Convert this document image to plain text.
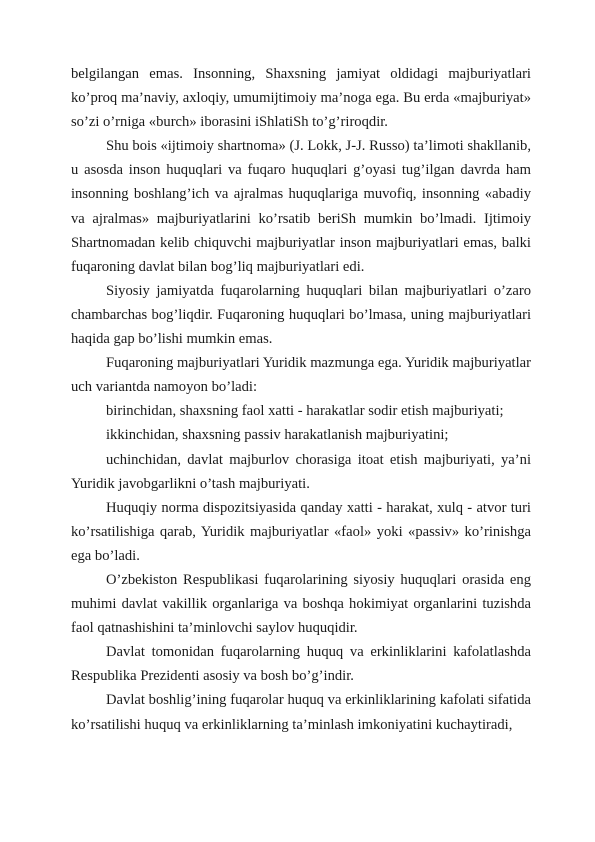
belgilangan emas. Insonning, Shaxsning jamiyat oldidagi majburiyatlari ko’proq ma’naviy, axloqiy, umumijtimoiy ma’noga ega. Bu erda «majburiyat» so’zi o’rniga «burch» iborasini iShlatiSh to’g’riroqdir.

Shu bois «ijtimoiy shartnoma» (J. Lokk, J-J. Russo) ta’limoti shakllanib, u asosda inson huquqlari va fuqaro huquqlari g’oyasi tug’ilgan davrda ham insonning boshlang’ich va ajralmas huquqlariga muvofiq, insonning «abadiy va ajralmas» majburiyatlarini ko’rsatib beriSh mumkin bo’lmadi. Ijtimoiy Shartnomadan kelib chiquvchi majburiyatlar inson majburiyatlari emas, balki fuqaroning davlat bilan bog’liq majburiyatlari edi.

Siyosiy jamiyatda fuqarolarning huquqlari bilan majburiyatlari o’zaro chambarchas bog’liqdir. Fuqaroning huquqlari bo’lmasa, uning majburiyatlari haqida gap bo’lishi mumkin emas.

Fuqaroning majburiyatlari Yuridik mazmunga ega. Yuridik majburiyatlar uch variantda namoyon bo’ladi:

birinchidan, shaxsning faol xatti - harakatlar sodir etish majburiyati;

ikkinchidan, shaxsning passiv harakatlanish majburiyatini;

uchinchidan, davlat majburlov chorasiga itoat etish majburiyati, ya’ni Yuridik javobgarlikni o’tash majburiyati.

Huquqiy norma dispozitsiyasida qanday xatti - harakat, xulq - atvor turi ko’rsatilishiga qarab, Yuridik majburiyatlar «faol» yoki «passiv» ko’rinishga ega bo’ladi.

O’zbekiston Respublikasi fuqarolarining siyosiy huquqlari orasida eng muhimi davlat vakillik organlariga va boshqa hokimiyat organlarini tuzishda faol qatnashishini ta’minlovchi saylov huquqidir.

Davlat tomonidan fuqarolarning huquq va erkinliklarini kafolatlashda Respublika Prezidenti asosiy va bosh bo’g’indir.

Davlat boshlig’ining fuqarolar huquq va erkinliklarining kafolati sifatida ko’rsatilishi huquq va erkinliklarning ta’minlash imkoniyatini kuchaytiradi,
